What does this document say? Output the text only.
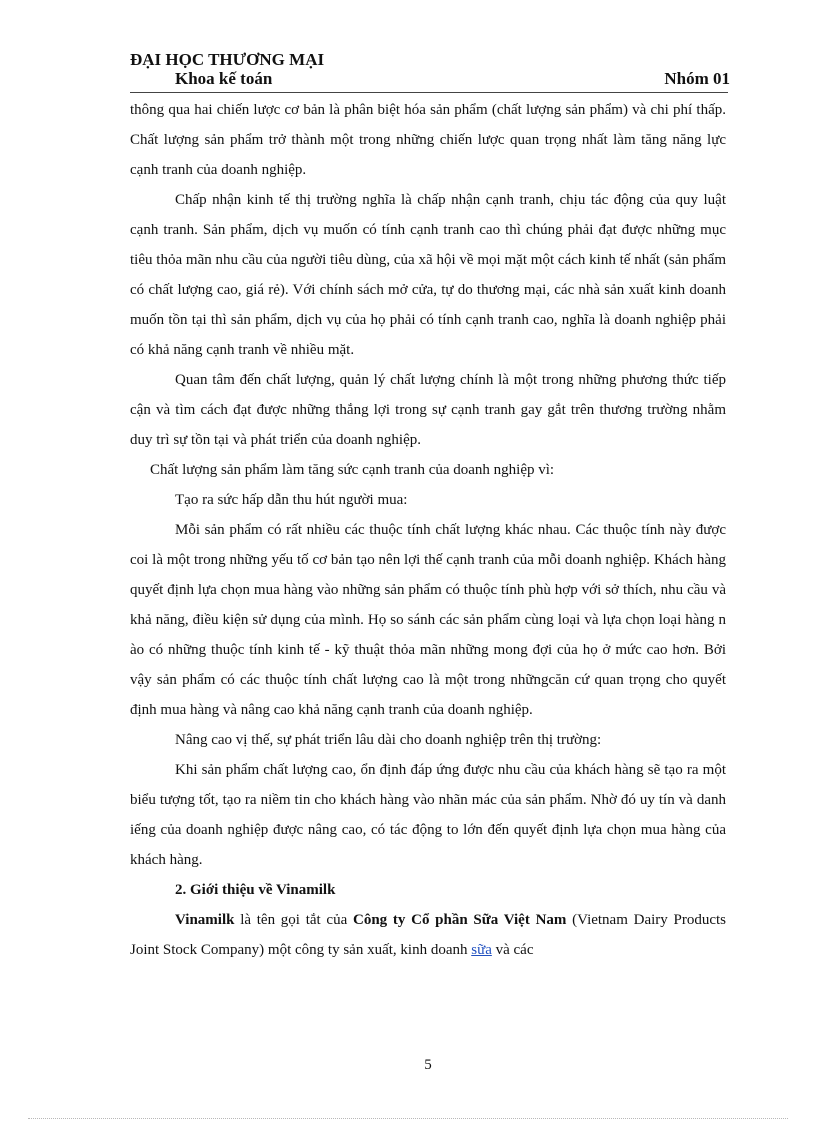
ĐẠI HỌC THƯƠNG MẠI
Khoa kế toán	Nhóm 01

thông qua hai chiến lược cơ bản là phân biệt hóa sản phẩm (chất lượng sản phẩm) và chi phí thấp. Chất lượng sản phẩm trở thành một trong những chiến lược quan trọng nhất làm tăng năng lực cạnh tranh của doanh nghiệp.

Chấp nhận kinh tế thị trường nghĩa là chấp nhận cạnh tranh, chịu tác động của quy luật cạnh tranh. Sản phẩm, dịch vụ muốn có tính cạnh tranh cao thì chúng phải đạt được những mục tiêu thỏa mãn nhu cầu của người tiêu dùng, của xã hội về mọi mặt một cách kinh tế nhất (sản phẩm có chất lượng cao, giá rẻ). Với chính sách mở cửa, tự do thương mại, các nhà sản xuất kinh doanh muốn tồn tại thì sản phẩm, dịch vụ của họ phải có tính cạnh tranh cao, nghĩa là doanh nghiệp phải có khả năng cạnh tranh về nhiều mặt.

Quan tâm đến chất lượng, quản lý chất lượng chính là một trong những phương thức tiếp cận và tìm cách đạt được những thắng lợi trong sự cạnh tranh gay gắt trên thương trường nhằm duy trì sự tồn tại và phát triển của doanh nghiệp.

Chất lượng sản phẩm làm tăng sức cạnh tranh của doanh nghiệp vì:

Tạo ra sức hấp dẫn thu hút người mua:

Mỗi sản phẩm có rất nhiều các thuộc tính chất lượng khác nhau. Các thuộc tính này được coi là một trong những yếu tố cơ bản tạo nên lợi thế cạnh tranh của mỗi doanh nghiệp. Khách hàng quyết định lựa chọn mua hàng vào những sản phẩm có thuộc tính phù hợp với sở thích, nhu cầu và khả năng, điều kiện sử dụng của mình. Họ so sánh các sản phẩm cùng loại và lựa chọn loại hàng n ào có những thuộc tính kinh tế - kỹ thuật thỏa mãn những mong đợi của họ ở mức cao hơn. Bởi vậy sản phẩm có các thuộc tính chất lượng cao là một trong nhữngcăn cứ quan trọng cho quyết định mua hàng và nâng cao khả năng cạnh tranh của doanh nghiệp.

Nâng cao vị thế, sự phát triển lâu dài cho doanh nghiệp trên thị trường:

Khi sản phẩm chất lượng cao, ổn định đáp ứng được nhu cầu của khách hàng sẽ tạo ra một biểu tượng tốt, tạo ra niềm tin cho khách hàng vào nhãn mác của sản phẩm. Nhờ đó uy tín và danh iếng của doanh nghiệp được nâng cao, có tác động to lớn đến quyết định lựa chọn mua hàng của khách hàng.

2. Giới thiệu về Vinamilk

Vinamilk là tên gọi tắt của Công ty Cổ phần Sữa Việt Nam (Vietnam Dairy Products Joint Stock Company) một công ty sản xuất, kinh doanh sữa và các

5
